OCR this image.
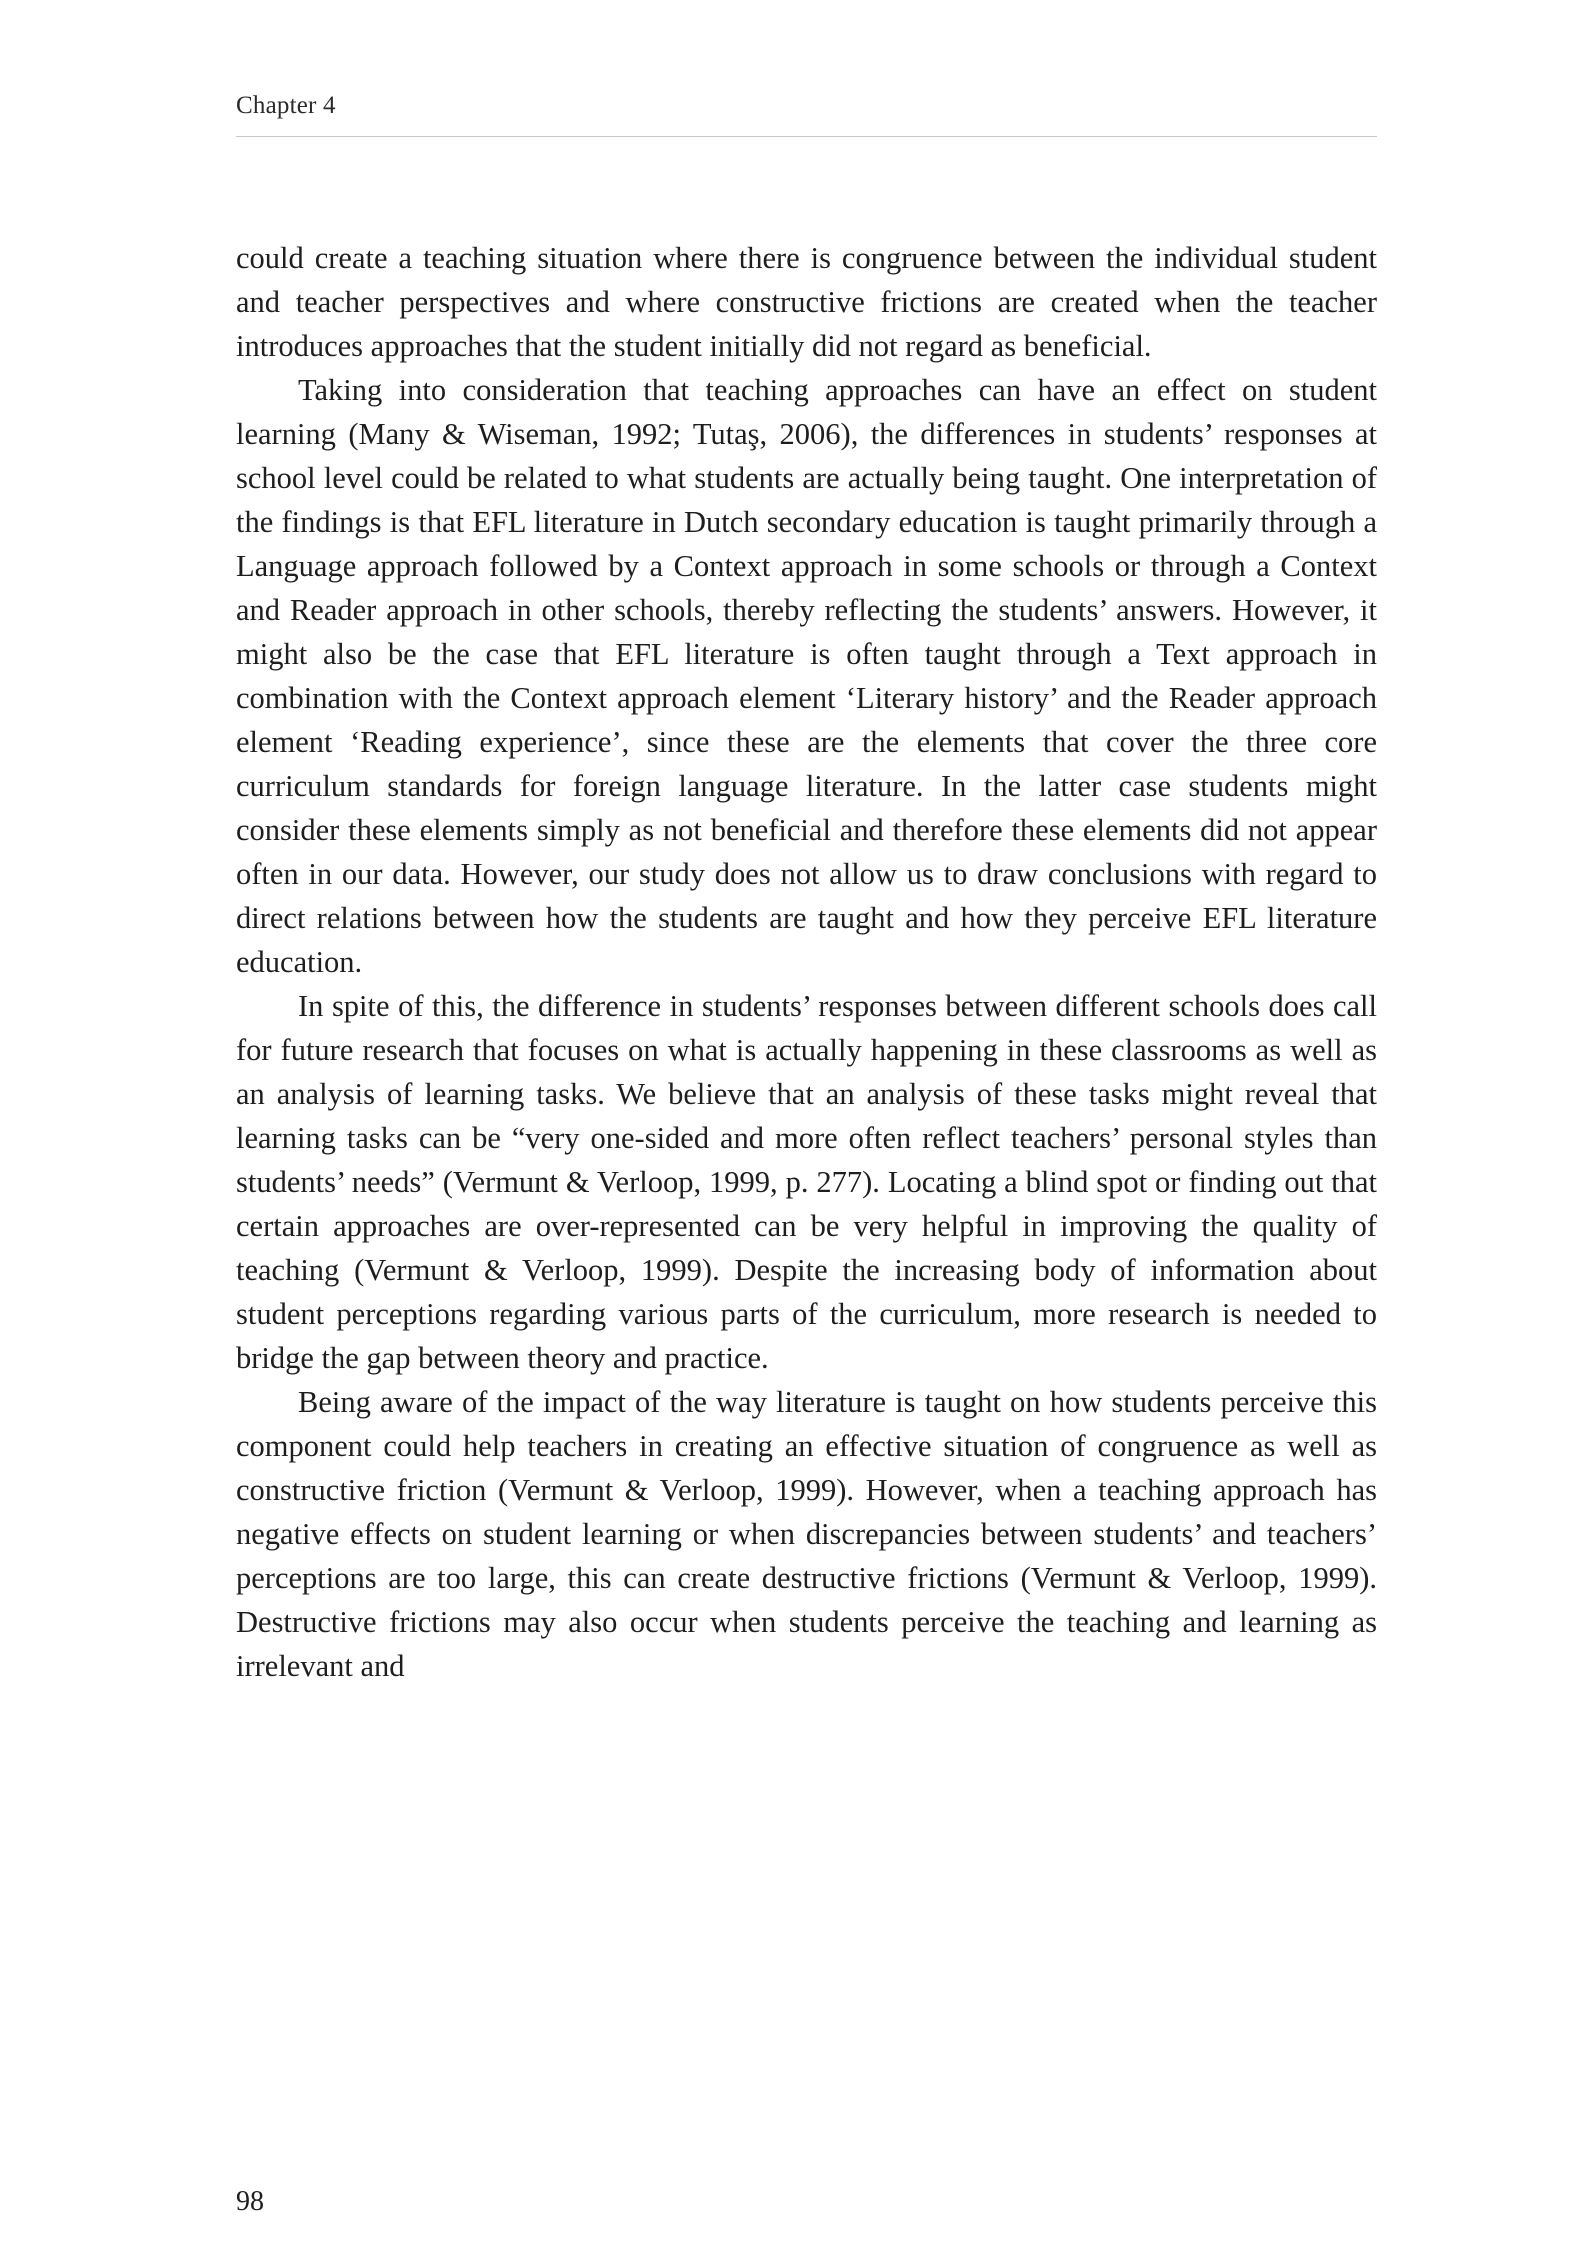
Chapter 4

could create a teaching situation where there is congruence between the individual student and teacher perspectives and where constructive frictions are created when the teacher introduces approaches that the student initially did not regard as beneficial.

Taking into consideration that teaching approaches can have an effect on student learning (Many & Wiseman, 1992; Tutaş, 2006), the differences in students’ responses at school level could be related to what students are actually being taught. One interpretation of the findings is that EFL literature in Dutch secondary education is taught primarily through a Language approach followed by a Context approach in some schools or through a Context and Reader approach in other schools, thereby reflecting the students’ answers. However, it might also be the case that EFL literature is often taught through a Text approach in combination with the Context approach element ‘Literary history’ and the Reader approach element ‘Reading experience’, since these are the elements that cover the three core curriculum standards for foreign language literature. In the latter case students might consider these elements simply as not beneficial and therefore these elements did not appear often in our data. However, our study does not allow us to draw conclusions with regard to direct relations between how the students are taught and how they perceive EFL literature education.

In spite of this, the difference in students’ responses between different schools does call for future research that focuses on what is actually happening in these classrooms as well as an analysis of learning tasks. We believe that an analysis of these tasks might reveal that learning tasks can be “very one-sided and more often reflect teachers’ personal styles than students’ needs” (Vermunt & Verloop, 1999, p. 277). Locating a blind spot or finding out that certain approaches are over-represented can be very helpful in improving the quality of teaching (Vermunt & Verloop, 1999). Despite the increasing body of information about student perceptions regarding various parts of the curriculum, more research is needed to bridge the gap between theory and practice.

Being aware of the impact of the way literature is taught on how students perceive this component could help teachers in creating an effective situation of congruence as well as constructive friction (Vermunt & Verloop, 1999). However, when a teaching approach has negative effects on student learning or when discrepancies between students’ and teachers’ perceptions are too large, this can create destructive frictions (Vermunt & Verloop, 1999). Destructive frictions may also occur when students perceive the teaching and learning as irrelevant and

98
